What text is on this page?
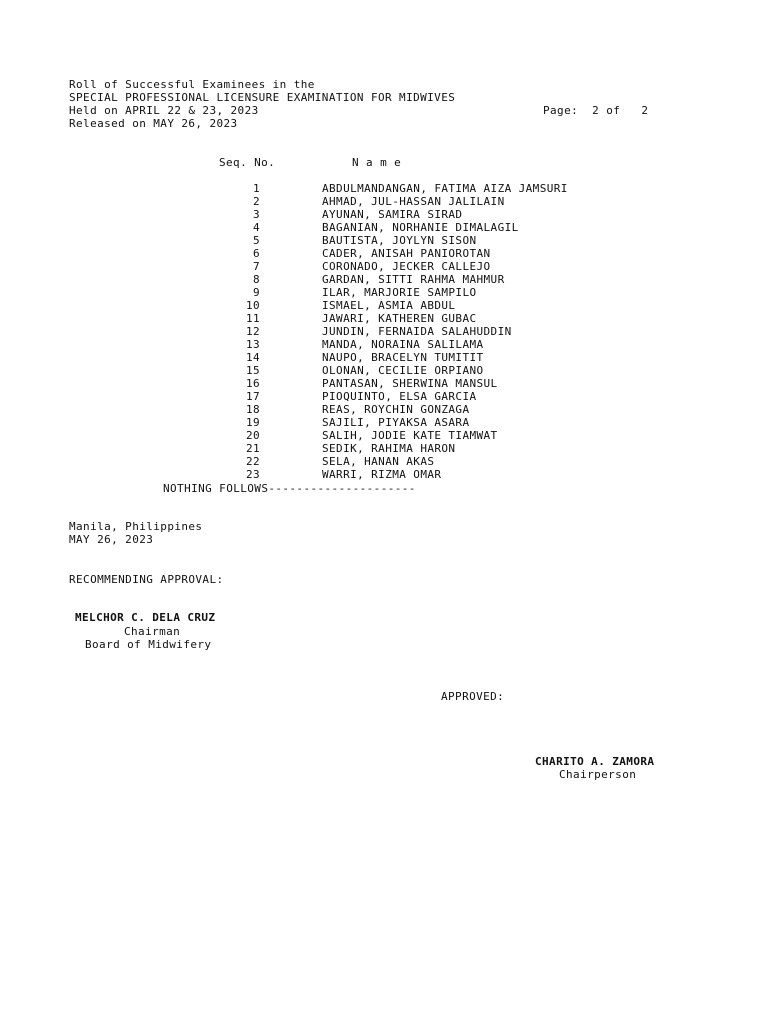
Roll of Successful Examinees in the
SPECIAL PROFESSIONAL LICENSURE EXAMINATION FOR MIDWIVES
Held on APRIL 22 & 23, 2023	Page:  2 of   2
Released on MAY 26, 2023
Seq. No.	N a m e
1	ABDULMANDANGAN, FATIMA AIZA JAMSURI
2	AHMAD, JUL-HASSAN JALILAIN
3	AYUNAN, SAMIRA SIRAD
4	BAGANIAN, NORHANIE DIMALAGIL
5	BAUTISTA, JOYLYN SISON
6	CADER, ANISAH PANIOROTAN
7	CORONADO, JECKER CALLEJO
8	GARDAN, SITTI RAHMA MAHMUR
9	ILAR, MARJORIE SAMPILO
10	ISMAEL, ASMIA ABDUL
11	JAWARI, KATHEREN GUBAC
12	JUNDIN, FERNAIDA SALAHUDDIN
13	MANDA, NORAINA SALILAMA
14	NAUPO, BRACELYN TUMITIT
15	OLONAN, CECILIE ORPIANO
16	PANTASAN, SHERWINA MANSUL
17	PIOQUINTO, ELSA GARCIA
18	REAS, ROYCHIN GONZAGA
19	SAJILI, PIYAKSA ASARA
20	SALIH, JODIE KATE TIAMWAT
21	SEDIK, RAHIMA HARON
22	SELA, HANAN AKAS
23	WARRI, RIZMA OMAR
NOTHING FOLLOWS---------------------
Manila, Philippines
MAY 26, 2023
RECOMMENDING APPROVAL:
MELCHOR C. DELA CRUZ
Chairman
Board of Midwifery
APPROVED:
CHARITO A. ZAMORA
Chairperson
